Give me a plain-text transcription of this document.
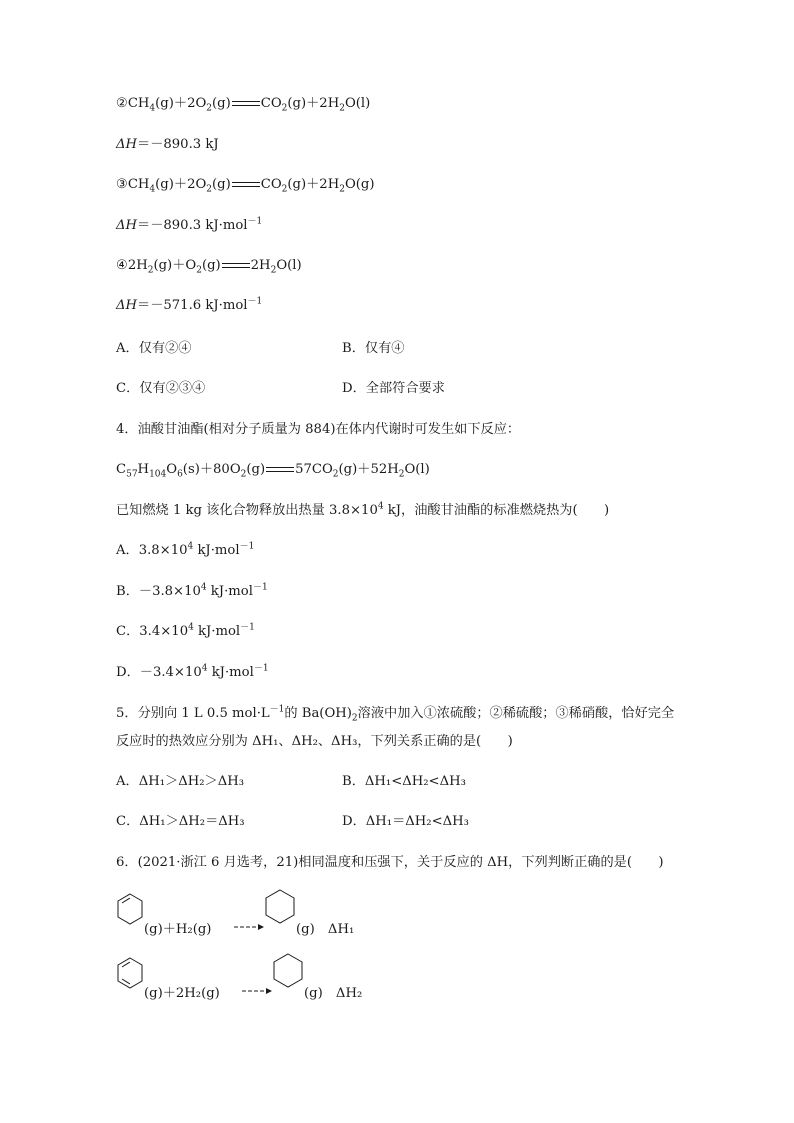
$②CH_4(g)+2O_2(g)$ $CO_2(g)+2H_2O(l)$
ΔH＝－890.3 kJ
$③CH_4(g)+2O_2(g)$ $CO_2(g)+2H_2O(g)$
ΔH＝－890.3 kJ·mol$^{-1}$
$④2H_2(g)+O_2(g)$ $2H_2O(l)$
ΔH＝－571.6 kJ·mol$^{-1}$
A．仅有②④	B．仅有④
C．仅有②③④	D．全部符合要求
4．油酸甘油酯(相对分子质量为 884)在体内代谢时可发生如下反应：
$C_{57}H_{104}O_6(s)+80O_2(g)$ $57CO_2(g)+52H_2O(l)$
已知燃烧 1 kg 该化合物释放出热量 $3.8\times 10^4$ kJ，油酸甘油酯的标准燃烧热为(　　)
A．$3.8\times 10^4$ kJ·mol$^{-1}$
B．$-3.8\times 10^4$ kJ·mol$^{-1}$
C．$3.4\times 10^4$ kJ·mol$^{-1}$
D．$-3.4\times 10^4$ kJ·mol$^{-1}$
5．分别向 1 L 0.5 $mol\cdot L^{-1}$的 $Ba(OH)_2$溶液中加入①浓硫酸；②稀硫酸；③稀硝酸，恰好完全
反应时的热效应分别为 ΔH₁、ΔH₂、ΔH₃，下列关系正确的是(　　)
A．ΔH₁＞ΔH₂＞ΔH₃	B．ΔH₁<ΔH₂<ΔH₃
C．ΔH₁＞ΔH₂＝ΔH₃	D．ΔH₁＝ΔH₂<ΔH₃
6．(2021·浙江 6 月选考，21)相同温度和压强下，关于反应的 ΔH，下列判断正确的是(　　)
(g)＋H₂(g)	(g)　ΔH₁
(g)＋2H₂(g)	(g)　ΔH₂
